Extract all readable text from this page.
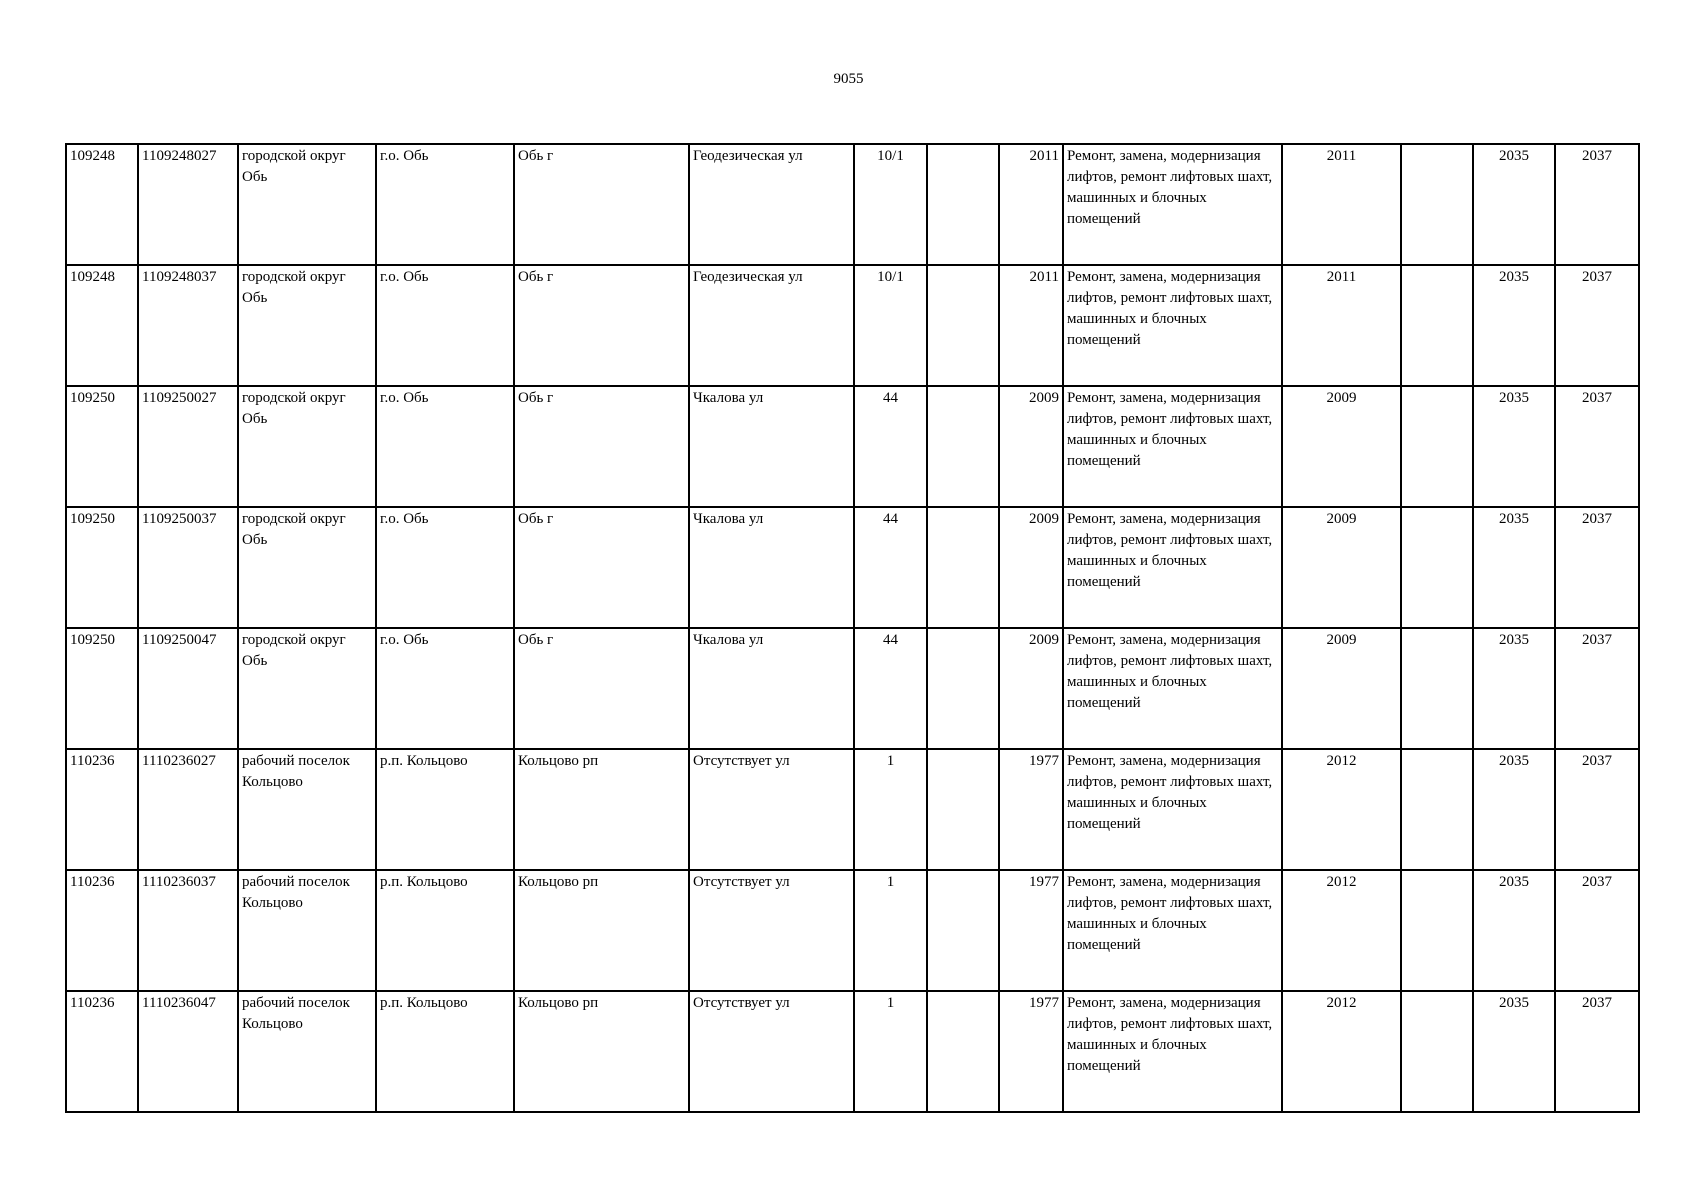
9055
109248	1109248027	городской округ Обь	г.о. Обь	Обь г	Геодезическая ул	10/1		2011	Ремонт, замена, модернизация лифтов, ремонт лифтовых шахт, машинных и блочных помещений	2011		2035	2037
109248	1109248037	городской округ Обь	г.о. Обь	Обь г	Геодезическая ул	10/1		2011	Ремонт, замена, модернизация лифтов, ремонт лифтовых шахт, машинных и блочных помещений	2011		2035	2037
109250	1109250027	городской округ Обь	г.о. Обь	Обь г	Чкалова ул	44		2009	Ремонт, замена, модернизация лифтов, ремонт лифтовых шахт, машинных и блочных помещений	2009		2035	2037
109250	1109250037	городской округ Обь	г.о. Обь	Обь г	Чкалова ул	44		2009	Ремонт, замена, модернизация лифтов, ремонт лифтовых шахт, машинных и блочных помещений	2009		2035	2037
109250	1109250047	городской округ Обь	г.о. Обь	Обь г	Чкалова ул	44		2009	Ремонт, замена, модернизация лифтов, ремонт лифтовых шахт, машинных и блочных помещений	2009		2035	2037
110236	1110236027	рабочий поселок Кольцово	р.п. Кольцово	Кольцово рп	Отсутствует ул	1		1977	Ремонт, замена, модернизация лифтов, ремонт лифтовых шахт, машинных и блочных помещений	2012		2035	2037
110236	1110236037	рабочий поселок Кольцово	р.п. Кольцово	Кольцово рп	Отсутствует ул	1		1977	Ремонт, замена, модернизация лифтов, ремонт лифтовых шахт, машинных и блочных помещений	2012		2035	2037
110236	1110236047	рабочий поселок Кольцово	р.п. Кольцово	Кольцово рп	Отсутствует ул	1		1977	Ремонт, замена, модернизация лифтов, ремонт лифтовых шахт, машинных и блочных помещений	2012		2035	2037
